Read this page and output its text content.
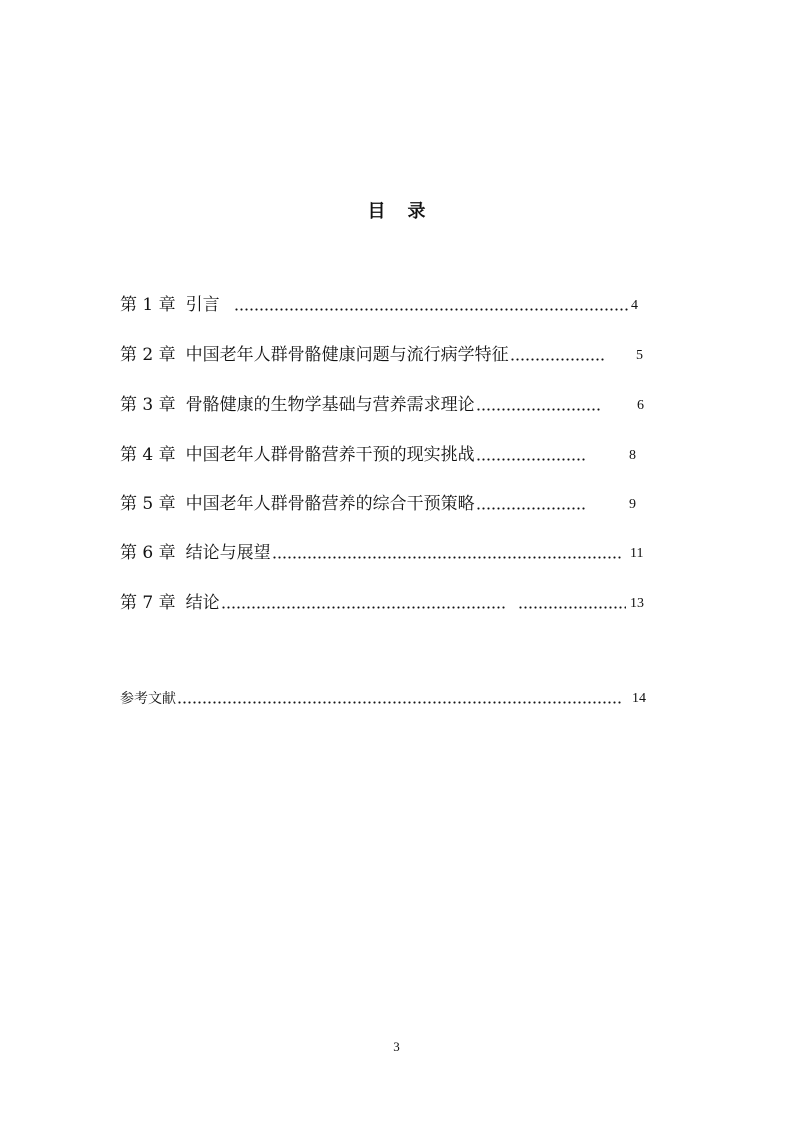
目 录
第 1 章 引言	4
第 2 章 中国老年人群骨骼健康问题与流行病学特征	5
第 3 章 骨骼健康的生物学基础与营养需求理论	6
第 4 章 中国老年人群骨骼营养干预的现实挑战	8
第 5 章 中国老年人群骨骼营养的综合干预策略	9
第 6 章 结论与展望	11
第 7 章 结论	13
参考文献	14
3
